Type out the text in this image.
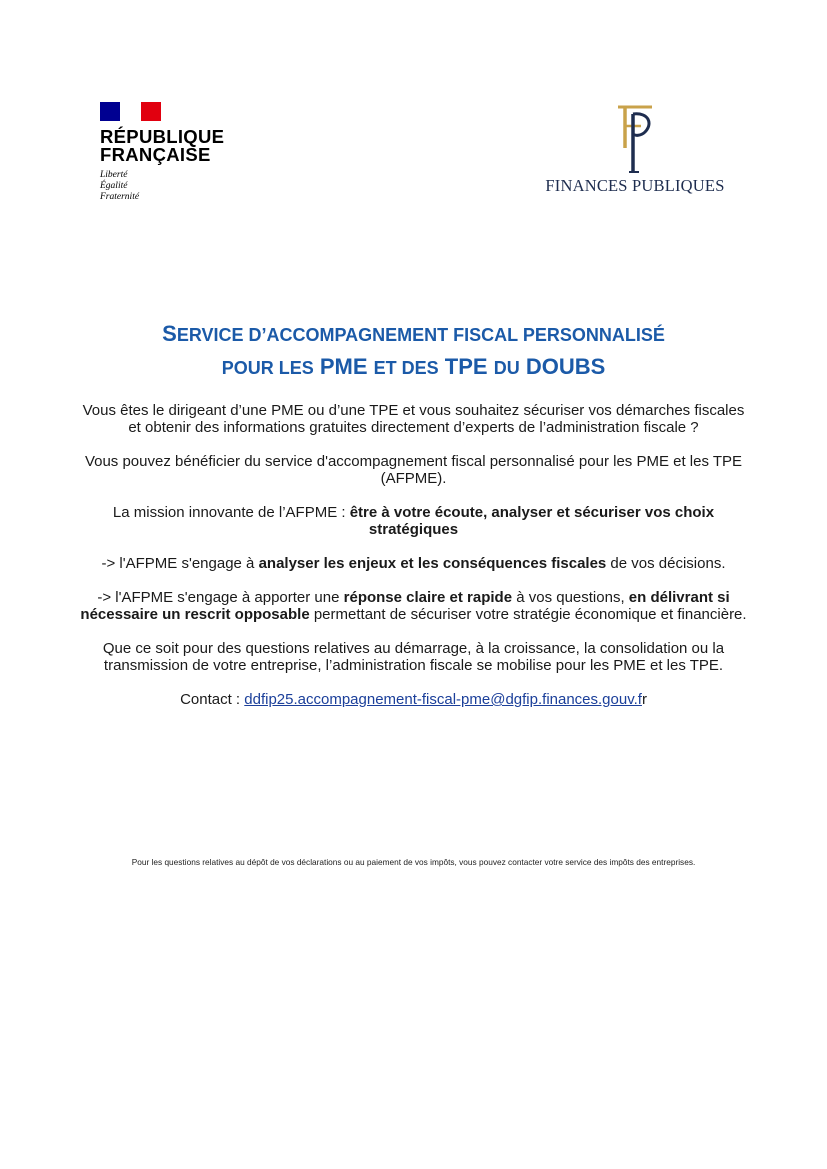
RÉPUBLIQUE
FRANÇAISE
Liberté
Égalité
Fraternité
FINANCES PUBLIQUES
SERVICE D’ACCOMPAGNEMENT FISCAL PERSONNALISÉ
POUR LES PME ET DES TPE DU DOUBS

Vous êtes le dirigeant d’une PME ou d’une TPE et vous souhaitez sécuriser vos démarches fiscales et obtenir des informations gratuites directement d’experts de l’administration fiscale ?

Vous pouvez bénéficier du service d'accompagnement fiscal personnalisé pour les PME et les TPE (AFPME).

La mission innovante de l’AFPME : être à votre écoute, analyser et sécuriser vos choix stratégiques

-> l'AFPME s'engage à analyser les enjeux et les conséquences fiscales de vos décisions.

-> l'AFPME s'engage à apporter une réponse claire et rapide à vos questions, en délivrant si nécessaire un rescrit opposable permettant de sécuriser votre stratégie économique et financière.

Que ce soit pour des questions relatives au démarrage, à la croissance, la consolidation ou la transmission de votre entreprise, l’administration fiscale se mobilise pour les PME et les TPE.

Contact : ddfip25.accompagnement-fiscal-pme@dgfip.finances.gouv.fr

Pour les questions relatives au dépôt de vos déclarations ou au paiement de vos impôts, vous pouvez contacter votre service des impôts des entreprises.
